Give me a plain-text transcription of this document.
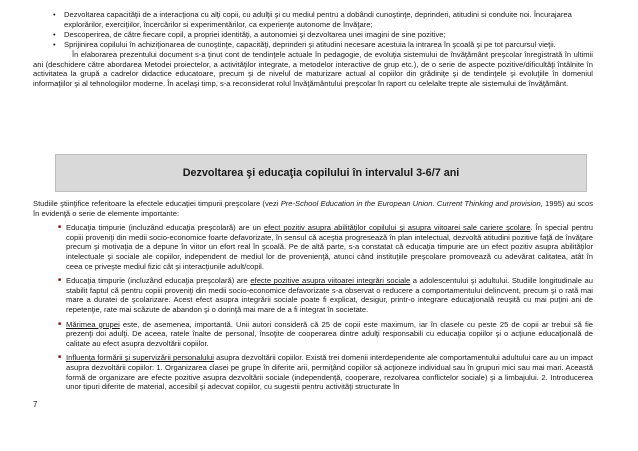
• Dezvoltarea capacităţii de a interacţiona cu alţi copii, cu adulţii şi cu mediul pentru a dobândi cunoştinţe, deprinderi, atitudini si conduite noi. Încurajarea explorărilor, exerciţiilor, încercărilor si experimentărilor, ca experienţe autonome de învăţare;
• Descoperirea, de către fiecare copil, a propriei identităţi, a autonomiei şi dezvoltarea unei imagini de sine pozitive;
• Sprijinirea copilului în achiziţionarea de cunoştinţe, capacităţi, deprinderi şi atitudini necesare acestuia la intrarea în şcoală şi pe tot parcursul vieţii.

În elaborarea prezentului document s-a ţinut cont de tendinţele actuale în pedagogie, de evoluţia sistemului de învăţământ preşcolar înregistrată în ultimii ani (deschidere către abordarea Metodei proiectelor, a activităţilor integrate, a metodelor interactive de grup etc.), de o serie de aspecte pozitive/dificultăţi întâlnite în activitatea la grupă a cadrelor didactice educatoare, precum şi de nivelul de maturizare actual al copiilor din grădiniţe şi de tendinţele şi evoluţiile în domeniul informaţiilor şi al tehnologiilor moderne. În acelaşi timp, s-a reconsiderat rolul învăţământului preşcolar în raport cu celelalte trepte ale sistemului de învăţământ.

Dezvoltarea şi educaţia copilului în intervalul 3-6/7 ani

Studiile ştiinţifice referitoare la efectele educaţiei timpurii preşcolare (vezi Pre-School Education in the European Union. Current Thinking and provision, 1995) au scos în evidenţă o serie de elemente importante:

■ Educaţia timpurie (incluzând educaţia preşcolară) are un efect pozitiv asupra abilităţilor copilului şi asupra viitoarei sale cariere şcolare. În special pentru copiii proveniţi din medii socio-economice foarte defavorizate, în sensul că aceştia progresează în plan intelectual, dezvoltă atitudini pozitive faţă de învăţare precum şi motivaţia de a depune în viitor un efort real în şcoală. Pe de altă parte, s-a constatat că educaţia timpurie are un efect pozitiv asupra abilităţilor intelectuale şi sociale ale copiilor, independent de mediul lor de provenienţă, atunci când instituţiile preşcolare promovează cu adevărat calitatea, atât în ceea ce priveşte mediul fizic cât şi interacţiunile adult/copil.
■ Educaţia timpurie (incluzând educaţia preşcolară) are efecte pozitive asupra viitoarei integrări sociale a adolescentului şi adultului. Studiile longitudinale au stabilit faptul că pentru copiii proveniţi din medii socio-economice defavorizate s-a observat o reducere a comportamentului delincvent, precum şi o rată mai mare a duratei de şcolarizare. Acest efect asupra integrării sociale poate fi explicat, desigur, printr-o integrare educaţională reuşită cu mai puţini ani de repetenţie, rate mai scăzute de abandon şi o dorinţă mai mare de a fi integrat în societate.
■ Mărimea grupei este, de asemenea, importantă. Unii autori consideră că 25 de copii este maximum, iar în clasele cu peste 25 de copii ar trebui să fie prezenţi doi adulţi. De aceea, ratele înalte de personal, însoţite de cooperarea dintre adulţi responsabili cu educaţia copiilor şi o acţiune educaţională de calitate au efect asupra dezvoltării copiilor.
■ Influenţa formării şi supervizării personalului asupra dezvoltării copiilor. Există trei domenii interdependente ale comportamentului adultului care au un impact asupra dezvoltării copiilor: 1. Organizarea clasei pe grupe în diferite arii, permiţând copiilor să acţioneze individual sau în grupuri mici sau mai mari. Această formă de organizare are efecte pozitive asupra dezvoltării sociale (independenţă, cooperare, rezolvarea conflictelor sociale) şi a limbajului. 2. Introducerea unor tipuri diferite de material, accesibil şi adecvat copiilor, cu sugestii pentru activităţi structurate în
7
